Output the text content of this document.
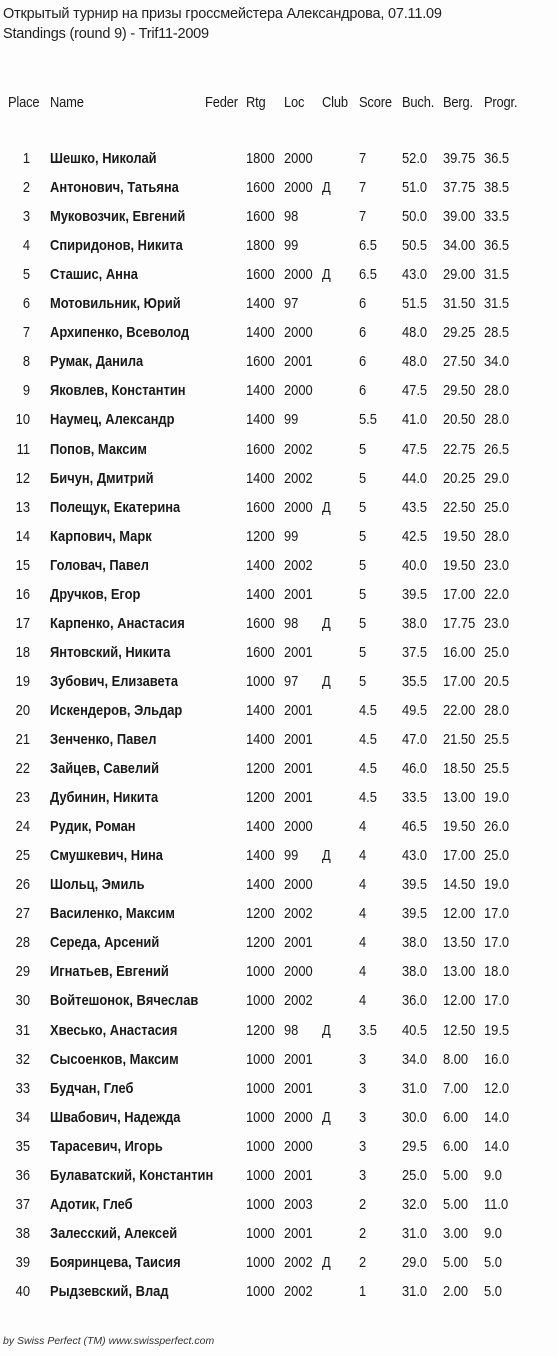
Открытый турнир на призы гроссмейстера Александрова, 07.11.09
Standings (round 9) - Trif11-2009
Place Name	Feder Rtg Loc Club Score Buch. Berg. Progr.
1 Шешко, Николай	1800 2000	7 52.0 39.75 36.5
2 Антонович, Татьяна	1600 2000 Д 7 51.0 37.75 38.5
3 Муковозчик, Евгений	1600 98	7 50.0 39.00 33.5
4 Спиридонов, Никита	1800 99	6.5 50.5 34.00 36.5
5 Сташис, Анна	1600 2000 Д 6.5 43.0 29.00 31.5
6 Мотовильник, Юрий	1400 97	6 51.5 31.50 31.5
7 Архипенко, Всеволод	1400 2000	6 48.0 29.25 28.5
8 Румак, Данила	1600 2001	6 48.0 27.50 34.0
9 Яковлев, Константин	1400 2000	6 47.5 29.50 28.0
10 Наумец, Александр	1400 99	5.5 41.0 20.50 28.0
11 Попов, Максим	1600 2002	5 47.5 22.75 26.5
12 Бичун, Дмитрий	1400 2002	5 44.0 20.25 29.0
13 Полещук, Екатерина	1600 2000 Д 5 43.5 22.50 25.0
14 Карпович, Марк	1200 99	5 42.5 19.50 28.0
15 Головач, Павел	1400 2002	5 40.0 19.50 23.0
16 Дручков, Егор	1400 2001	5 39.5 17.00 22.0
17 Карпенко, Анастасия	1600 98 Д 5 38.0 17.75 23.0
18 Янтовский, Никита	1600 2001	5 37.5 16.00 25.0
19 Зубович, Елизавета	1000 97 Д 5 35.5 17.00 20.5
20 Искендеров, Эльдар	1400 2001	4.5 49.5 22.00 28.0
21 Зенченко, Павел	1400 2001	4.5 47.0 21.50 25.5
22 Зайцев, Савелий	1200 2001	4.5 46.0 18.50 25.5
23 Дубинин, Никита	1200 2001	4.5 33.5 13.00 19.0
24 Рудик, Роман	1400 2000	4 46.5 19.50 26.0
25 Смушкевич, Нина	1400 99 Д 4 43.0 17.00 25.0
26 Шольц, Эмиль	1400 2000	4 39.5 14.50 19.0
27 Василенко, Максим	1200 2002	4 39.5 12.00 17.0
28 Середа, Арсений	1200 2001	4 38.0 13.50 17.0
29 Игнатьев, Евгений	1000 2000	4 38.0 13.00 18.0
30 Войтешонок, Вячеслав	1000 2002	4 36.0 12.00 17.0
31 Хвесько, Анастасия	1200 98 Д 3.5 40.5 12.50 19.5
32 Сысоенков, Максим	1000 2001	3 34.0 8.00 16.0
33 Будчан, Глеб	1000 2001	3 31.0 7.00 12.0
34 Швабович, Надежда	1000 2000 Д 3 30.0 6.00 14.0
35 Тарасевич, Игорь	1000 2000	3 29.5 6.00 14.0
36 Булаватский, Константин 1000 2001	3 25.0 5.00 9.0
37 Адотик, Глеб	1000 2003	2 32.0 5.00 11.0
38 Залесский, Алексей	1000 2001	2 31.0 3.00 9.0
39 Бояринцева, Таисия	1000 2002 Д 2 29.0 5.00 5.0
40 Рыдзевский, Влад	1000 2002	1 31.0 2.00 5.0
by Swiss Perfect (TM) www.swissperfect.com
